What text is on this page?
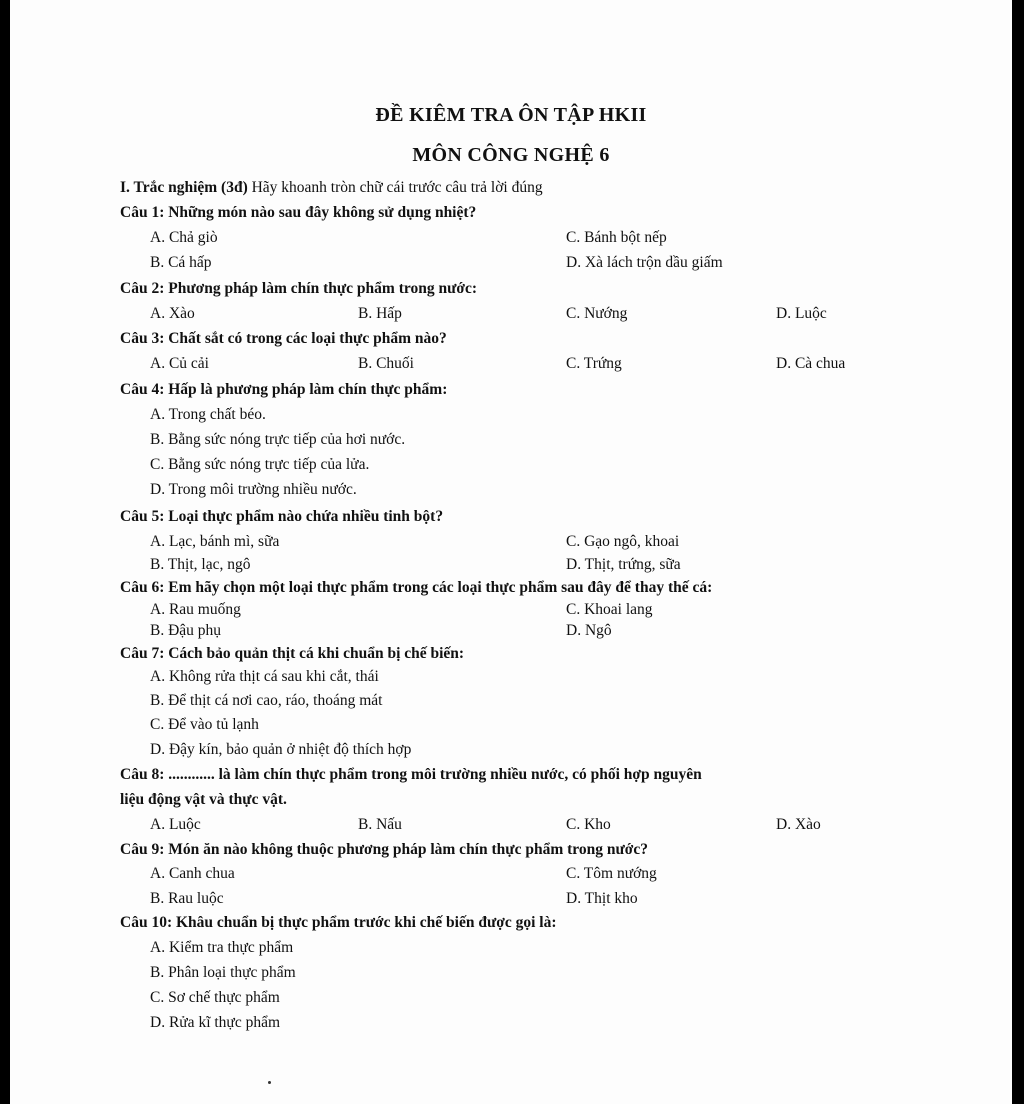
ĐỀ KIÊM TRA ÔN TẬP HKII
MÔN CÔNG NGHỆ 6
I. Trắc nghiệm (3đ) Hãy khoanh tròn chữ cái trước câu trả lời đúng
Câu 1: Những món nào sau đây không sử dụng nhiệt?
A. Chả giò
B. Cá hấp
C. Bánh bột nếp
D. Xà lách trộn dầu giấm
Câu 2: Phương pháp làm chín thực phẩm trong nước:
A. Xào	B. Hấp	C. Nướng	D. Luộc
Câu 3: Chất sắt có trong các loại thực phẩm nào?
A. Củ cải	B. Chuối	C. Trứng	D. Cà chua
Câu 4: Hấp là phương pháp làm chín thực phẩm:
A. Trong chất béo.
B. Bằng sức nóng trực tiếp của hơi nước.
C. Bằng sức nóng trực tiếp của lửa.
D. Trong môi trường nhiều nước.
Câu 5: Loại thực phẩm nào chứa nhiều tinh bột?
A. Lạc, bánh mì, sữa
B. Thịt, lạc, ngô
C. Gạo ngô, khoai
D. Thịt, trứng, sữa
Câu 6: Em hãy chọn một loại thực phẩm trong các loại thực phẩm sau đây để thay thế cá:
A. Rau muống
B. Đậu phụ
C. Khoai lang
D. Ngô
Câu 7: Cách bảo quản thịt cá khi chuẩn bị chế biến:
A. Không rửa thịt cá sau khi cắt, thái
B. Để thịt cá nơi cao, ráo, thoáng mát
C. Để vào tủ lạnh
D. Đậy kín, bảo quản ở nhiệt độ thích hợp
Câu 8: ............ là làm chín thực phẩm trong môi trường nhiều nước, có phối hợp nguyên
liệu động vật và thực vật.
A. Luộc	B. Nấu	C. Kho	D. Xào
Câu 9: Món ăn nào không thuộc phương pháp làm chín thực phẩm trong nước?
A. Canh chua
B. Rau luộc
C. Tôm nướng
D. Thịt kho
Câu 10: Khâu chuẩn bị thực phẩm trước khi chế biến được gọi là:
A. Kiểm tra thực phẩm
B. Phân loại thực phẩm
C. Sơ chế thực phẩm
D. Rửa kĩ thực phẩm
